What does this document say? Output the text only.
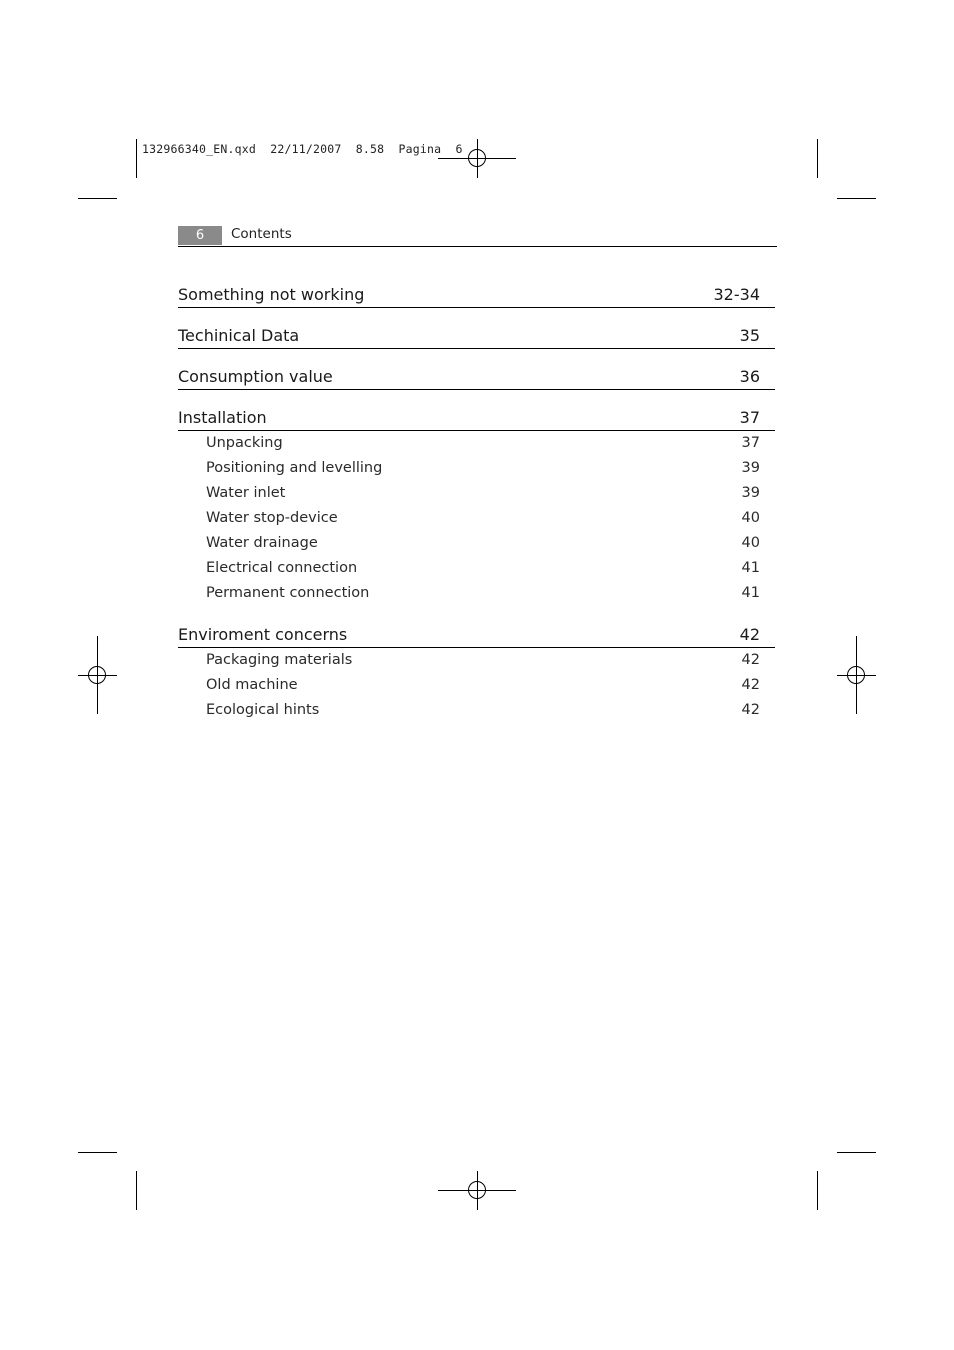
132966340_EN.qxd  22/11/2007  8.58  Pagina  6
6	Contents
Something not working	32-34
Techinical Data	35
Consumption value	36
Installation	37
Unpacking	37
Positioning and levelling	39
Water inlet	39
Water stop-device	40
Water drainage	40
Electrical connection	41
Permanent connection	41
Enviroment concerns	42
Packaging materials	42
Old machine	42
Ecological hints	42
